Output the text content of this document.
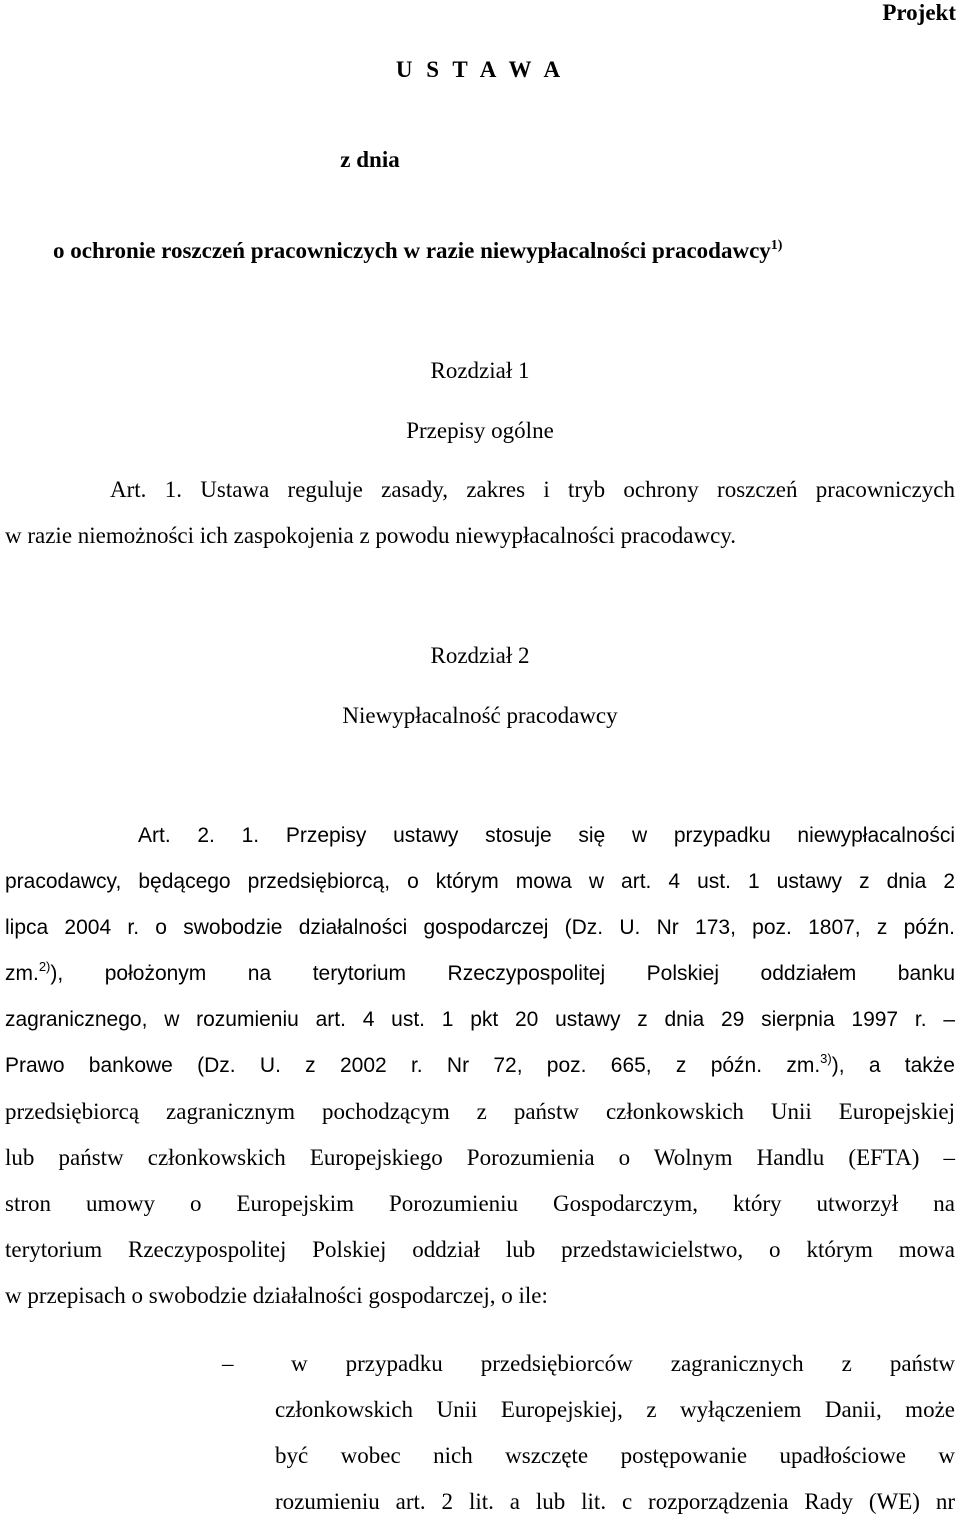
Projekt
U S T A W A
z dnia
o ochronie roszczeń pracowniczych w razie niewypłacalności pracodawcy$^{1)}$
Rozdział 1
Przepisy ogólne
Art. 1. Ustawa reguluje zasady, zakres i tryb ochrony roszczeń pracowniczych
w razie niemożności ich zaspokojenia z powodu niewypłacalności pracodawcy.
Rozdział 2
Niewypłacalność pracodawcy
Art. 2. 1. Przepisy ustawy stosuje się w przypadku niewypłacalności
pracodawcy, będącego przedsiębiorcą, o którym mowa w art. 4 ust. 1 ustawy z dnia 2
lipca 2004 r. o swobodzie działalności gospodarczej (Dz. U. Nr 173, poz. 1807, z późn.
zm.$^{2)}$), położonym na terytorium Rzeczypospolitej Polskiej oddziałem banku
zagranicznego, w rozumieniu art. 4 ust. 1 pkt 20 ustawy z dnia 29 sierpnia 1997 r. –
Prawo bankowe (Dz. U. z 2002 r. Nr 72, poz. 665, z późn. zm.$^{3)}$), a także
przedsiębiorcą zagranicznym pochodzącym z państw członkowskich Unii Europejskiej
lub państw członkowskich Europejskiego Porozumienia o Wolnym Handlu (EFTA) –
stron umowy o Europejskim Porozumieniu Gospodarczym, który utworzył na
terytorium Rzeczypospolitej Polskiej oddział lub przedstawicielstwo, o którym mowa
w przepisach o swobodzie działalności gospodarczej, o ile:
–	w przypadku przedsiębiorców zagranicznych z państw
członkowskich Unii Europejskiej, z wyłączeniem Danii, może
być wobec nich wszczęte postępowanie upadłościowe w
rozumieniu art. 2 lit. a lub lit. c rozporządzenia Rady (WE) nr
